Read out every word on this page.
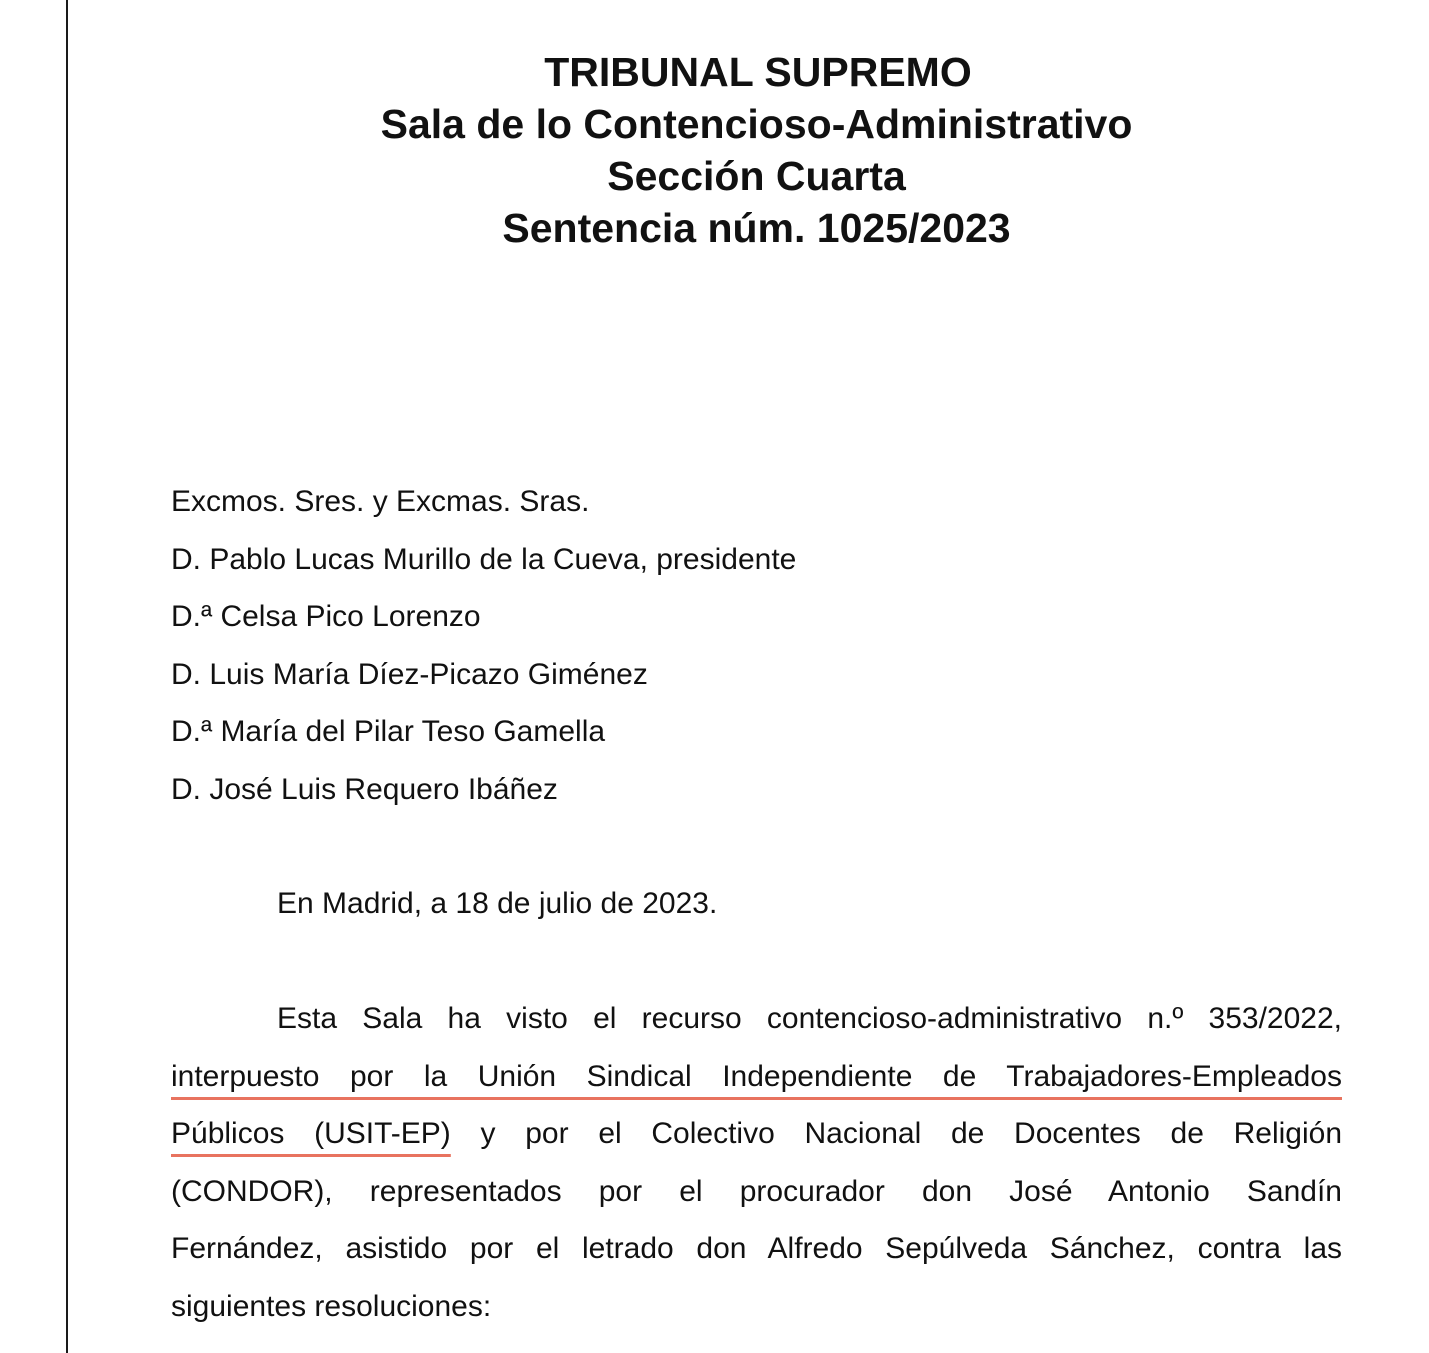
TRIBUNAL SUPREMO
Sala de lo Contencioso-Administrativo
Sección Cuarta
Sentencia núm. 1025/2023
Excmos. Sres. y Excmas. Sras.
D. Pablo Lucas Murillo de la Cueva, presidente
D.ª Celsa Pico Lorenzo
D. Luis María Díez-Picazo Giménez
D.ª María del Pilar Teso Gamella
D. José Luis Requero Ibáñez
En Madrid, a 18 de julio de 2023.
Esta Sala ha visto el recurso contencioso-administrativo n.º 353/2022,
interpuesto por la Unión Sindical Independiente de Trabajadores-Empleados
Públicos (USIT-EP) y por el Colectivo Nacional de Docentes de Religión
(CONDOR), representados por el procurador don José Antonio Sandín
Fernández, asistido por el letrado don Alfredo Sepúlveda Sánchez, contra las
siguientes resoluciones:
